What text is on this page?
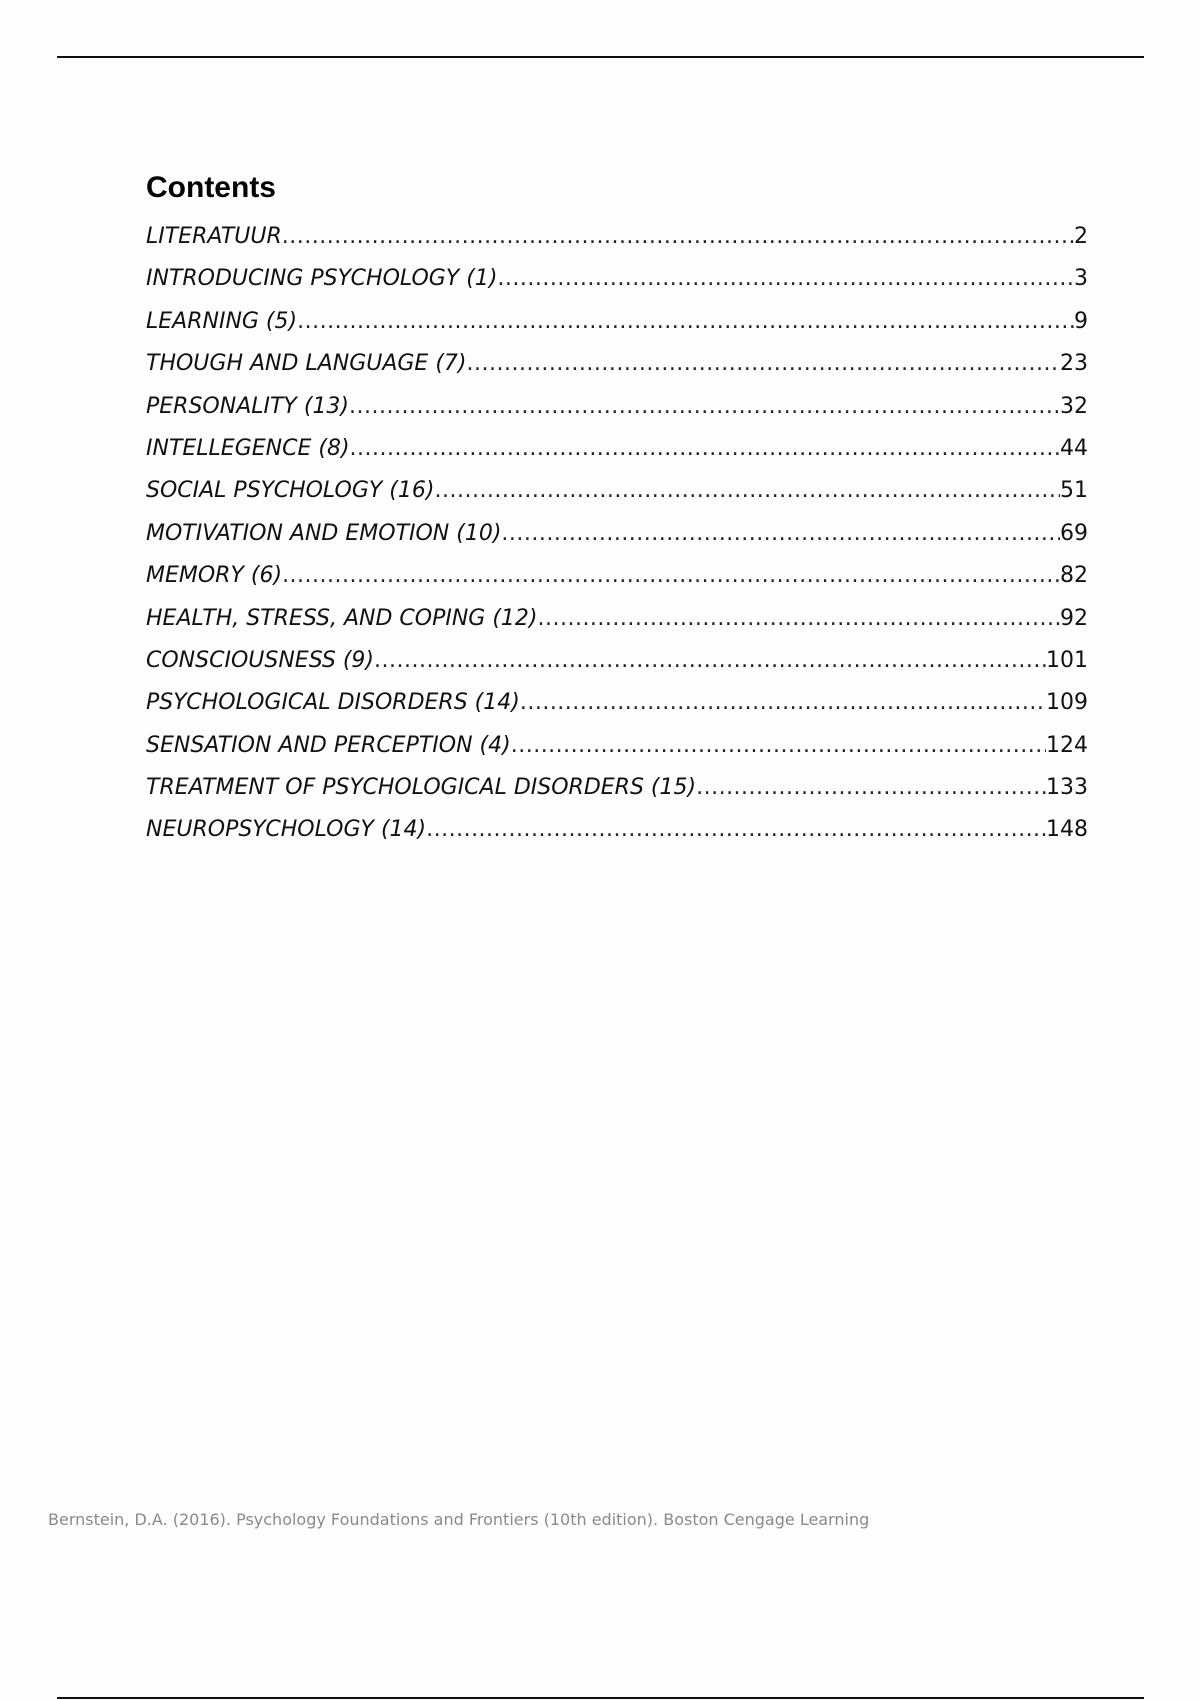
Contents
LITERATUUR .....	2
INTRODUCING PSYCHOLOGY (1) .....	3
LEARNING (5) .....	9
THOUGH AND LANGUAGE (7) .....	23
PERSONALITY (13) .....	32
INTELLEGENCE (8) .....	44
SOCIAL PSYCHOLOGY (16) .....	51
MOTIVATION AND EMOTION (10) .....	69
MEMORY (6) .....	82
HEALTH, STRESS, AND COPING (12) .....	92
CONSCIOUSNESS (9) .....	101
PSYCHOLOGICAL DISORDERS (14) .....	109
SENSATION AND PERCEPTION (4) .....	124
TREATMENT OF PSYCHOLOGICAL DISORDERS (15) .....	133
NEUROPSYCHOLOGY (14) .....	148
Bernstein, D.A. (2016). Psychology Foundations and Frontiers (10th edition). Boston Cengage Learning
